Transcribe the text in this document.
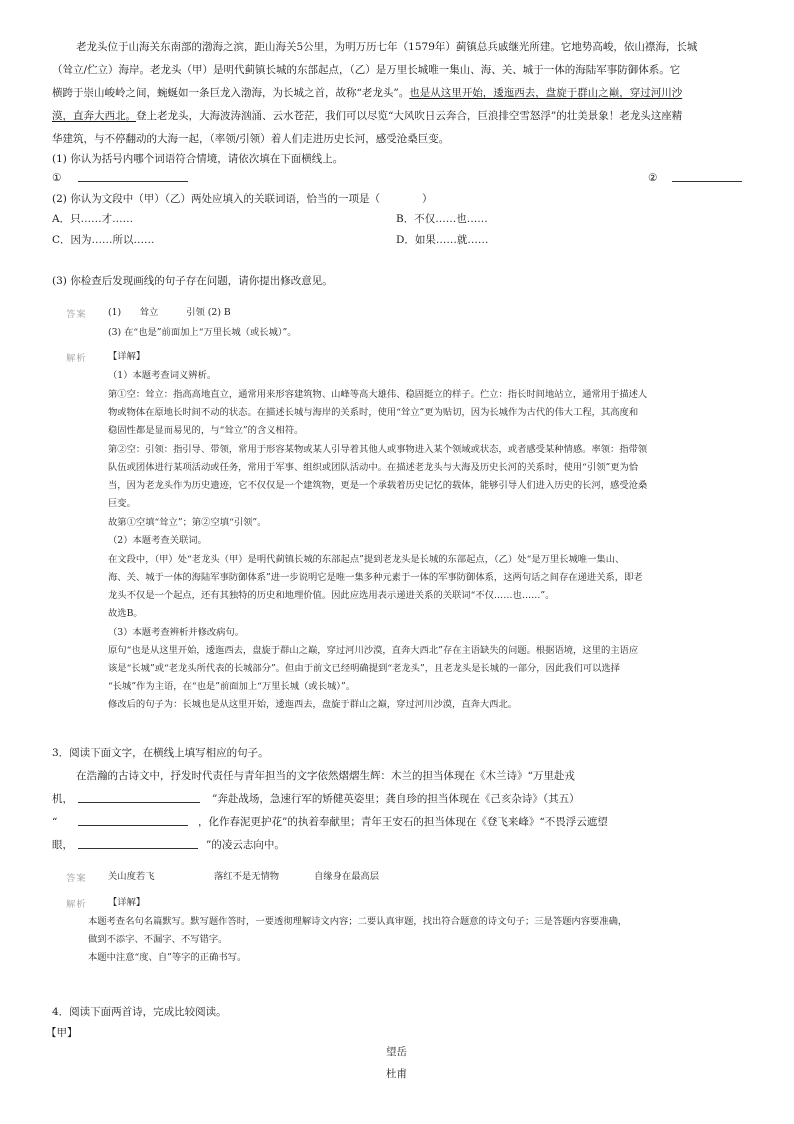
老龙头位于山海关东南部的渤海之滨，距山海关5公里，为明万历七年（1579年）蓟镇总兵戚继光所建。它地势高峻，依山襟海，长城
（耸立/伫立）海岸。老龙头（甲）是明代蓟镇长城的东部起点，（乙）是万里长城唯一集山、海、关、城于一体的海陆军事防御体系。它
横跨于崇山峻岭之间，蜿蜒如一条巨龙入渤海，为长城之首，故称“老龙头”。也是从这里开始，逶迤西去，盘旋于群山之巅，穿过河川沙
漠，直奔大西北。登上老龙头，大海波涛汹涌、云水苍茫，我们可以尽览“大风吹日云奔合，巨浪排空雪怒浮”的壮美景象！老龙头这座精
华建筑，与不停翻动的大海一起，（率领/引领）着人们走进历史长河，感受沧桑巨变。
(1) 你认为括号内哪个词语符合情境，请依次填在下面横线上。
①	②
(2) 你认为文段中（甲）（乙）两处应填入的关联词语，恰当的一项是（　　　　）
A．只……才……	B．不仅……也……
C．因为……所以……	D．如果……就……
(3) 你检查后发现画线的句子存在问题，请你提出修改意见。
答案 (1)　　耸立　　　引领 (2) B
(3) 在“也是”前面加上“万里长城（或长城）”。
解析 【详解】
（1）本题考查词义辨析。
第①空：耸立：指高高地直立，通常用来形容建筑物、山峰等高大雄伟、稳固挺立的样子。伫立：指长时间地站立，通常用于描述人
物或物体在原地长时间不动的状态。在描述长城与海岸的关系时，使用“耸立”更为贴切，因为长城作为古代的伟大工程，其高度和
稳固性都是显而易见的，与“耸立”的含义相符。
第②空：引领：指引导、带领，常用于形容某物或某人引导着其他人或事物进入某个领域或状态，或者感受某种情感。率领：指带领
队伍或团体进行某项活动或任务，常用于军事、组织或团队活动中。在描述老龙头与大海及历史长河的关系时，使用“引领”更为恰
当，因为老龙头作为历史遗迹，它不仅仅是一个建筑物，更是一个承载着历史记忆的载体，能够引导人们进入历史的长河，感受沧桑
巨变。
故第①空填“耸立”；第②空填“引领”。
（2）本题考查关联词。
在文段中，（甲）处“老龙头（甲）是明代蓟镇长城的东部起点”提到老龙头是长城的东部起点，（乙）处“是万里长城唯一集山、
海、关、城于一体的海陆军事防御体系”进一步说明它是唯一集多种元素于一体的军事防御体系，这两句话之间存在递进关系，即老
龙头不仅是一个起点，还有其独特的历史和地理价值。因此应选用表示递进关系的关联词“不仅……也……”。
故选B。
（3）本题考查辨析并修改病句。
原句“也是从这里开始，逶迤西去，盘旋于群山之巅，穿过河川沙漠，直奔大西北”存在主语缺失的问题。根据语境，这里的主语应
该是“长城”或“老龙头所代表的长城部分”。但由于前文已经明确提到“老龙头”，且老龙头是长城的一部分，因此我们可以选择
“长城”作为主语，在“也是”前面加上“万里长城（或长城）”。
修改后的句子为：长城也是从这里开始，逶迤西去，盘旋于群山之巅，穿过河川沙漠，直奔大西北。
3．阅读下面文字，在横线上填写相应的句子。
在浩瀚的古诗文中，抒发时代责任与青年担当的文字依然熠熠生辉：木兰的担当体现在《木兰诗》“万里赴戎
机，	”奔赴战场，急速行军的矫健英姿里；龚自珍的担当体现在《己亥杂诗》（其五）
“	，化作春泥更护花”的执着奉献里；青年王安石的担当体现在《登飞来峰》“不畏浮云遮望
眼，	”的凌云志向中。
答案 关山度若飞	落红不是无情物	自缘身在最高层
解析 【详解】
本题考查名句名篇默写。默写题作答时，一要透彻理解诗文内容；二要认真审题，找出符合题意的诗文句子；三是答题内容要准确，
做到不添字、不漏字、不写错字。
本题中注意“度、自”等字的正确书写。
4．阅读下面两首诗，完成比较阅读。
【甲】
望岳
杜甫
